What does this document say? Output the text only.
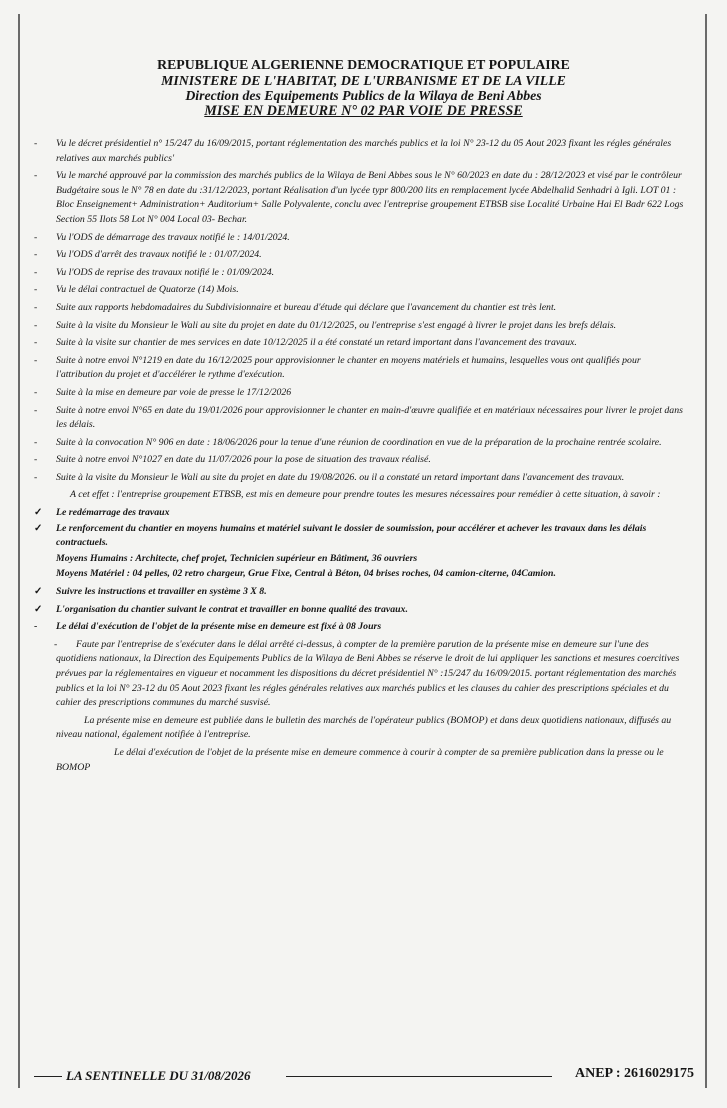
REPUBLIQUE ALGERIENNE DEMOCRATIQUE ET POPULAIRE
MINISTERE DE L'HABITAT, DE L'URBANISME ET DE LA VILLE
Direction des Equipements Publics de la Wilaya de Beni Abbes
MISE EN DEMEURE N° 02 PAR VOIE DE PRESSE
-	Vu le décret présidentiel n° 15/247 du 16/09/2015, portant réglementation des marchés publics et la loi N° 23-12 du 05 Aout 2023 fixant les régles générales relatives aux marchés publics'
-	Vu le marché approuvé par la commission des marchés publics de la Wilaya de Beni Abbes sous le N° 60/2023 en date du : 28/12/2023 et visé par le contrôleur Budgétaire sous le N° 78 en date du :31/12/2023, portant Réalisation d'un lycée typr 800/200 lits en remplacement lycée Abdelhalid Senhadri à Igli. LOT 01 : Bloc Enseignement+ Administration+ Auditorium+ Salle Polyvalente, conclu avec l'entreprise groupement ETBSB sise Localité Urbaine Hai El Badr 622 Logs Section 55 Ilots 58 Lot N° 004 Local 03- Bechar.
-	Vu l'ODS de démarrage des travaux notifié le : 14/01/2024.
-	Vu l'ODS d'arrêt des travaux notifié le : 01/07/2024.
-	Vu l'ODS de reprise des travaux notifié le : 01/09/2024.
-	Vu le délai contractuel de Quatorze (14) Mois.
-	Suite aux rapports hebdomadaires du Subdivisionnaire et bureau d'étude qui déclare que l'avancement du chantier est très lent.
-	Suite à la visite du Monsieur le Wali au site du projet en date du 01/12/2025, ou l'entreprise s'est engagé à livrer le projet dans les brefs délais.
-	Suite à la visite sur chantier de mes services en date 10/12/2025 il a été constaté un retard important dans l'avancement des travaux.
-	Suite à notre envoi N°1219 en date du 16/12/2025 pour approvisionner le chanter en moyens matériels et humains, lesquelles vous ont qualifiés pour l'attribution du projet et d'accélérer le rythme d'exécution.
-	Suite à la mise en demeure par voie de presse le 17/12/2026
-	Suite à notre envoi N°65 en date du 19/01/2026 pour approvisionner le chanter en main-d'œuvre qualifiée et en matériaux nécessaires pour livrer le projet dans les délais.
-	Suite à la convocation N° 906 en date : 18/06/2026 pour la tenue d'une réunion de coordination en vue de la préparation de la prochaine rentrée scolaire.
-	Suite à notre envoi N°1027 en date du 11/07/2026 pour la pose de situation des travaux réalisé.
-	Suite à la visite du Monsieur le Wali au site du projet en date du 19/08/2026. ou il a constaté un retard important dans l'avancement des travaux.
A cet effet : l'entreprise groupement ETBSB, est mis en demeure pour prendre toutes les mesures nécessaires pour remédier à cette situation, à savoir :
✓	Le redémarrage des travaux
✓	Le renforcement du chantier en moyens humains et matériel suivant le dossier de soumission, pour accélérer et achever les travaux dans les délais contractuels.
Moyens Humains : Architecte, chef projet, Technicien supérieur en Bâtiment, 36 ouvriers
Moyens Matériel : 04 pelles, 02 retro chargeur, Grue Fixe, Central à Béton, 04 brises roches, 04 camion-citerne, 04Camion.
✓	Suivre les instructions et travailler en système 3 X 8.
✓	L'organisation du chantier suivant le contrat et travailler en bonne qualité des travaux.
-	Le délai d'exécution de l'objet de la présente mise en demeure est fixé à 08 Jours
-	Faute par l'entreprise de s'exécuter dans le délai arrêté ci-dessus, à compter de la première parution de la présente mise en demeure sur l'une des quotidiens nationaux, la Direction des Equipements Publics de la Wilaya de Beni Abbes se réserve le droit de lui appliquer les sanctions et mesures coercitives prévues par la réglementaires en vigueur et nocamment les dispositions du décret présidentiel N° :15/247 du 16/09/2015. portant réglementation des marchés publics et la loi N° 23-12 du 05 Aout 2023 fixant les régles générales relatives aux marchés publics et les clauses du cahier des prescriptions spéciales et du cahier des prescriptions communes du marché susvisé.
La présente mise en demeure est publiée dans le bulletin des marchés de l'opérateur publics (BOMOP) et dans deux quotidiens nationaux, diffusés au niveau national, également notifiée à l'entreprise.
Le délai d'exécution de l'objet de la présente mise en demeure commence à courir à compter de sa première publication dans la presse ou le BOMOP
LA SENTINELLE DU 31/08/2026	ANEP : 2616029175
